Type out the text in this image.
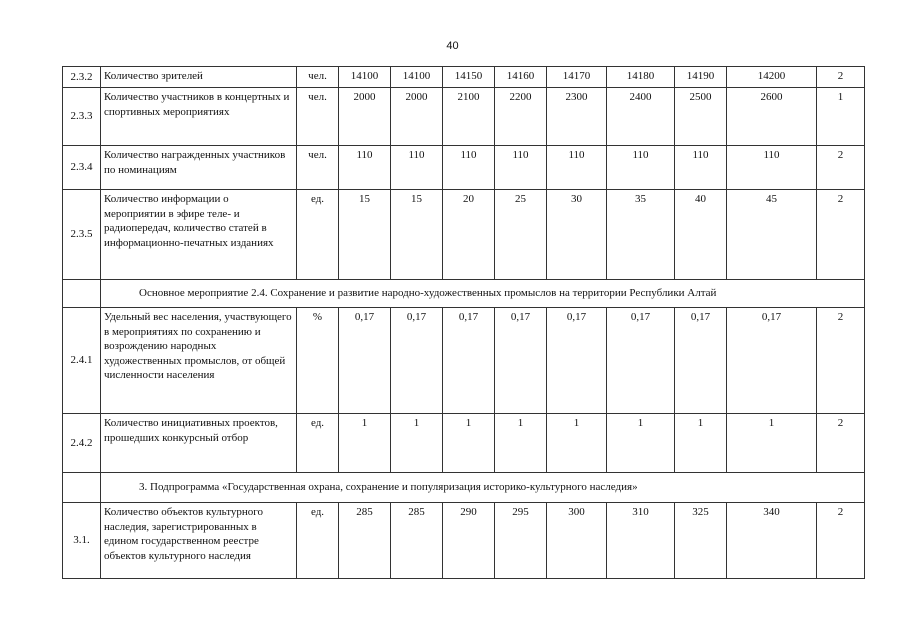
40
2.3.2	Количество зрителей	чел.	14100	14100	14150	14160	14170	14180	14190	14200	2
2.3.3	Количество участников в концертных и спортивных мероприятиях	чел.	2000	2000	2100	2200	2300	2400	2500	2600	1
2.3.4	Количество награжденных участников по номинациям	чел.	110	110	110	110	110	110	110	110	2
2.3.5	Количество информации о мероприятии в эфире теле- и радиопередач, количество статей в информационно-печатных изданиях	ед.	15	15	20	25	30	35	40	45	2
	Основное мероприятие 2.4. Сохранение и развитие народно-художественных промыслов на территории Республики Алтай										
2.4.1	Удельный вес населения, участвующего в мероприятиях по сохранению и возрождению народных художественных промыслов, от общей численности населения	%	0,17	0,17	0,17	0,17	0,17	0,17	0,17	0,17	2
2.4.2	Количество инициативных проектов, прошедших конкурсный отбор	ед.	1	1	1	1	1	1	1	1	2
	3. Подпрограмма «Государственная охрана, сохранение и популяризация историко-культурного наследия»										
3.1.	Количество объектов культурного наследия, зарегистрированных в едином государственном реестре объектов культурного наследия	ед.	285	285	290	295	300	310	325	340	2
